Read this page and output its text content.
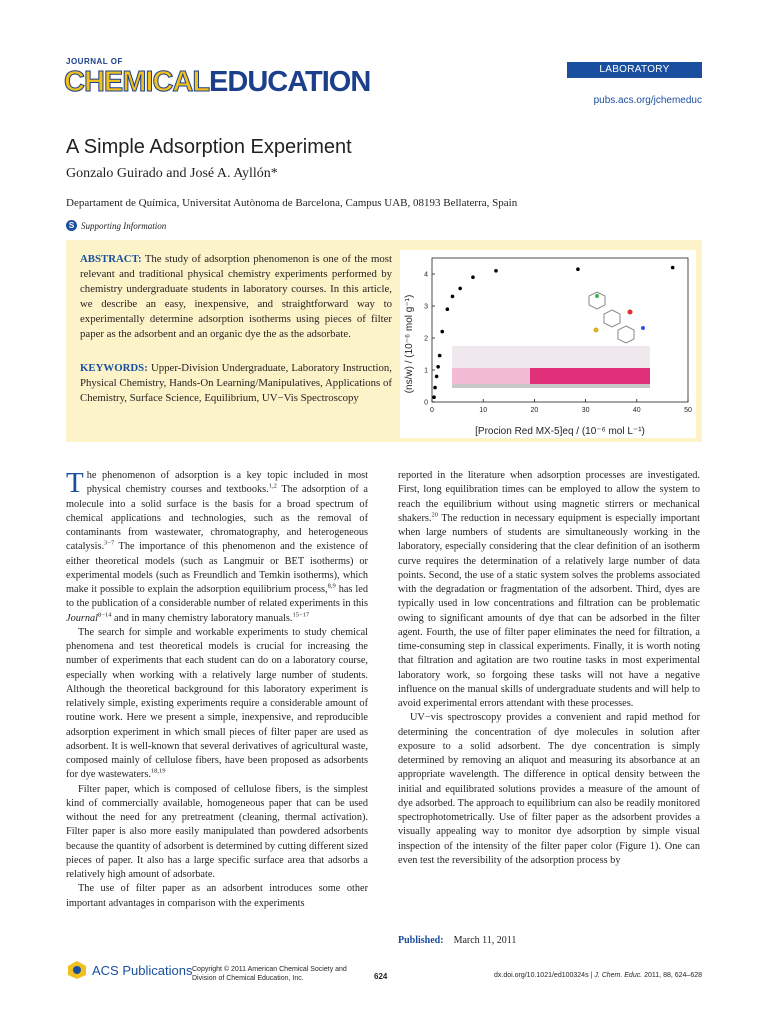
JOURNAL OF
CHEMICALEDUCATION	LABORATORY EXPERIMENT
pubs.acs.org/jchemeduc
A Simple Adsorption Experiment
Gonzalo Guirado and José A. Ayllón*
Departament de Química, Universitat Autònoma de Barcelona, Campus UAB, 08193 Bellaterra, Spain
S Supporting Information
ABSTRACT: The study of adsorption phenomenon is one of the most relevant and traditional physical chemistry experiments performed by chemistry undergraduate students in laboratory courses. In this article, we describe an easy, inexpensive, and straightforward way to experimentally determine adsorption isotherms using pieces of filter paper as the adsorbent and an organic dye the as the adsorbate.
KEYWORDS: Upper-Division Undergraduate, Laboratory Instruction, Physical Chemistry, Hands-On Learning/Manipulatives, Applications of Chemistry, Surface Science, Equilibrium, UV−Vis Spectroscopy
0	10	20	30	40	50
0
1
2
3
4
[Procion Red MX-5]eq / (10⁻⁶ mol L⁻¹)
(ns/w) / (10⁻⁶ mol g⁻¹)

The phenomenon of adsorption is a key topic included in most physical chemistry courses and textbooks.$^{1,2}$ The adsorption of a molecule into a solid surface is the basis for a broad spectrum of chemical applications and technologies, such as the removal of contaminants from wastewater, chromatography, and heterogeneous catalysis.$^{3-7}$ The importance of this phenomenon and the existence of either theoretical models (such as Langmuir or BET isotherms) or experimental models (such as Freundlich and Temkin isotherms), which make it possible to explain the adsorption equilibrium process,$^{8,9}$ has led to the publication of a considerable number of related experiments in this Journal$^{8-14}$ and in many chemistry laboratory manuals.$^{15-17}$

The search for simple and workable experiments to study chemical phenomena and test theoretical models is crucial for increasing the number of experiments that each student can do on a laboratory course, especially when working with a relatively large number of students. Although the theoretical background for this laboratory experiment is relatively simple, existing experiments require a considerable amount of routine work. Here we present a simple, inexpensive, and reproducible adsorption experiment in which small pieces of filter paper are used as adsorbent. It is well-known that several derivatives of agricultural waste, composed mainly of cellulose fibers, have been proposed as adsorbents for dye wastewaters.$^{18,19}$

Filter paper, which is composed of cellulose fibers, is the simplest kind of commercially available, homogeneous paper that can be used without the need for any pretreatment (cleaning, thermal activation). Filter paper is also more easily manipulated than powdered adsorbents because the quantity of adsorbent is determined by cutting different sized pieces of paper. It also has a large specific surface area that adsorbs a relatively high amount of adsorbate.

The use of filter paper as an adsorbent introduces some other important advantages in comparison with the experiments

reported in the literature when adsorption processes are investigated. First, long equilibration times can be employed to allow the system to reach the equilibrium without using magnetic stirrers or mechanical shakers.$^{20}$ The reduction in necessary equipment is especially important when large numbers of students are simultaneously working in the laboratory, especially considering that the clear definition of an isotherm curve requires the determination of a relatively large number of data points. Second, the use of a static system solves the problems associated with the degradation or fragmentation of the adsorbent. Third, dyes are typically used in low concentrations and filtration can be problematic owing to significant amounts of dye that can be adsorbed in the filter agent. Fourth, the use of filter paper eliminates the need for filtration, a time-consuming step in classical experiments. Finally, it is worth noting that filtration and agitation are two routine tasks in most experimental laboratory work, so forgoing these tasks will not have a negative influence on the manual skills of undergraduate students and will help to avoid experimental errors attendant with these processes.

UV−vis spectroscopy provides a convenient and rapid method for determining the concentration of dye molecules in solution after exposure to a solid adsorbent. The dye concentration is simply determined by removing an aliquot and measuring its absorbance at an appropriate wavelength. The difference in optical density between the initial and equilibrated solutions provides a measure of the amount of dye adsorbed. The approach to equilibrium can also be readily monitored spectrophotometrically. Use of filter paper as the adsorbent provides a visually appealing way to monitor dye adsorption by simple visual inspection of the intensity of the filter paper color (Figure 1). One can even test the reversibility of the adsorption process by

Published: March 11, 2011
ACS Publications Copyright © 2011 American Chemical Society and
Division of Chemical Education, Inc.	624	dx.doi.org/10.1021/ed100324s | J. Chem. Educ. 2011, 88, 624–628
